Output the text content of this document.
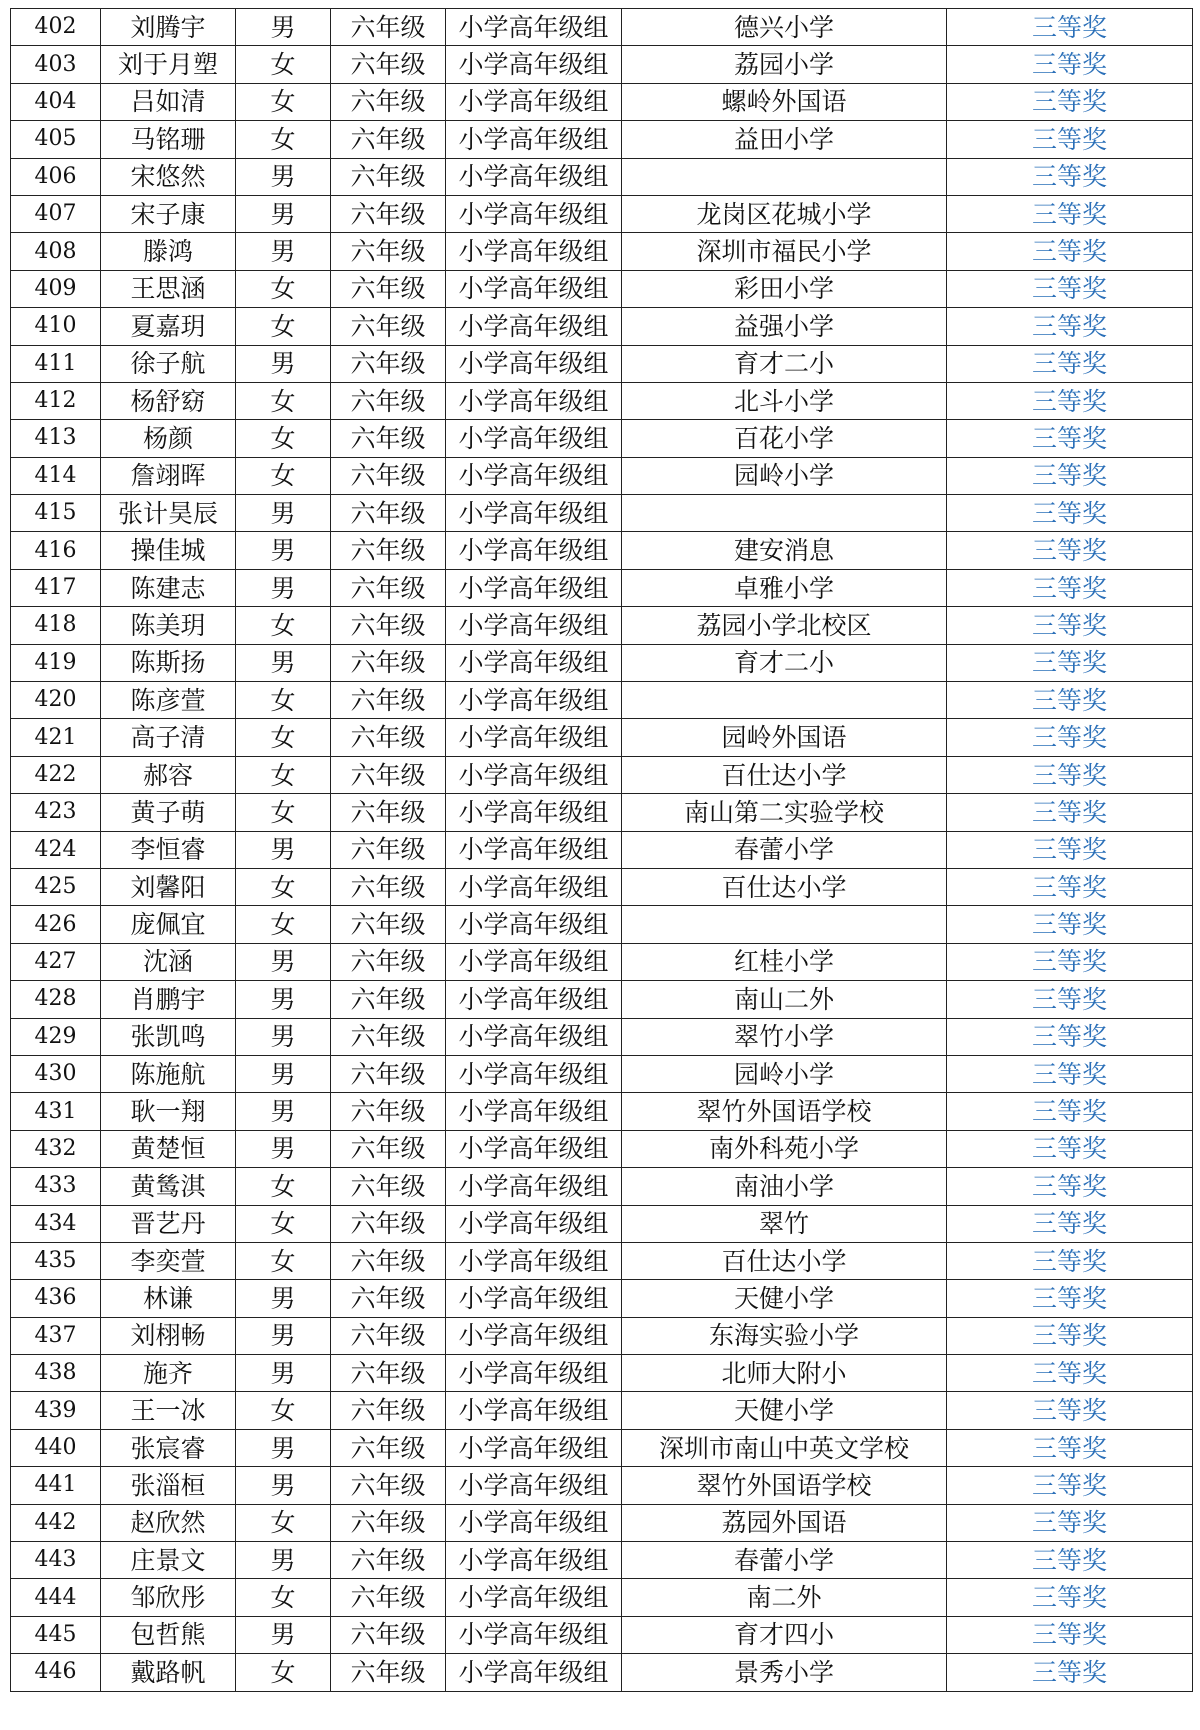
402	刘腾宇	男	六年级	小学高年级组	德兴小学	三等奖
403	刘于月塑	女	六年级	小学高年级组	荔园小学	三等奖
404	吕如清	女	六年级	小学高年级组	螺岭外国语	三等奖
405	马铭珊	女	六年级	小学高年级组	益田小学	三等奖
406	宋悠然	男	六年级	小学高年级组		三等奖
407	宋子康	男	六年级	小学高年级组	龙岗区花城小学	三等奖
408	滕鸿	男	六年级	小学高年级组	深圳市福民小学	三等奖
409	王思涵	女	六年级	小学高年级组	彩田小学	三等奖
410	夏嘉玥	女	六年级	小学高年级组	益强小学	三等奖
411	徐子航	男	六年级	小学高年级组	育才二小	三等奖
412	杨舒窈	女	六年级	小学高年级组	北斗小学	三等奖
413	杨颜	女	六年级	小学高年级组	百花小学	三等奖
414	詹翊晖	女	六年级	小学高年级组	园岭小学	三等奖
415	张计昊辰	男	六年级	小学高年级组		三等奖
416	操佳城	男	六年级	小学高年级组	建安消息	三等奖
417	陈建志	男	六年级	小学高年级组	卓雅小学	三等奖
418	陈美玥	女	六年级	小学高年级组	荔园小学北校区	三等奖
419	陈斯扬	男	六年级	小学高年级组	育才二小	三等奖
420	陈彦萱	女	六年级	小学高年级组		三等奖
421	高子清	女	六年级	小学高年级组	园岭外国语	三等奖
422	郝容	女	六年级	小学高年级组	百仕达小学	三等奖
423	黄子萌	女	六年级	小学高年级组	南山第二实验学校	三等奖
424	李恒睿	男	六年级	小学高年级组	春蕾小学	三等奖
425	刘馨阳	女	六年级	小学高年级组	百仕达小学	三等奖
426	庞佩宜	女	六年级	小学高年级组		三等奖
427	沈涵	男	六年级	小学高年级组	红桂小学	三等奖
428	肖鹏宇	男	六年级	小学高年级组	南山二外	三等奖
429	张凯鸣	男	六年级	小学高年级组	翠竹小学	三等奖
430	陈施航	男	六年级	小学高年级组	园岭小学	三等奖
431	耿一翔	男	六年级	小学高年级组	翠竹外国语学校	三等奖
432	黄楚恒	男	六年级	小学高年级组	南外科苑小学	三等奖
433	黄鸶淇	女	六年级	小学高年级组	南油小学	三等奖
434	晋艺丹	女	六年级	小学高年级组	翠竹	三等奖
435	李奕萱	女	六年级	小学高年级组	百仕达小学	三等奖
436	林谦	男	六年级	小学高年级组	天健小学	三等奖
437	刘栩畅	男	六年级	小学高年级组	东海实验小学	三等奖
438	施齐	男	六年级	小学高年级组	北师大附小	三等奖
439	王一冰	女	六年级	小学高年级组	天健小学	三等奖
440	张宸睿	男	六年级	小学高年级组	深圳市南山中英文学校	三等奖
441	张淄桓	男	六年级	小学高年级组	翠竹外国语学校	三等奖
442	赵欣然	女	六年级	小学高年级组	荔园外国语	三等奖
443	庄景文	男	六年级	小学高年级组	春蕾小学	三等奖
444	邹欣彤	女	六年级	小学高年级组	南二外	三等奖
445	包哲熊	男	六年级	小学高年级组	育才四小	三等奖
446	戴路帆	女	六年级	小学高年级组	景秀小学	三等奖
